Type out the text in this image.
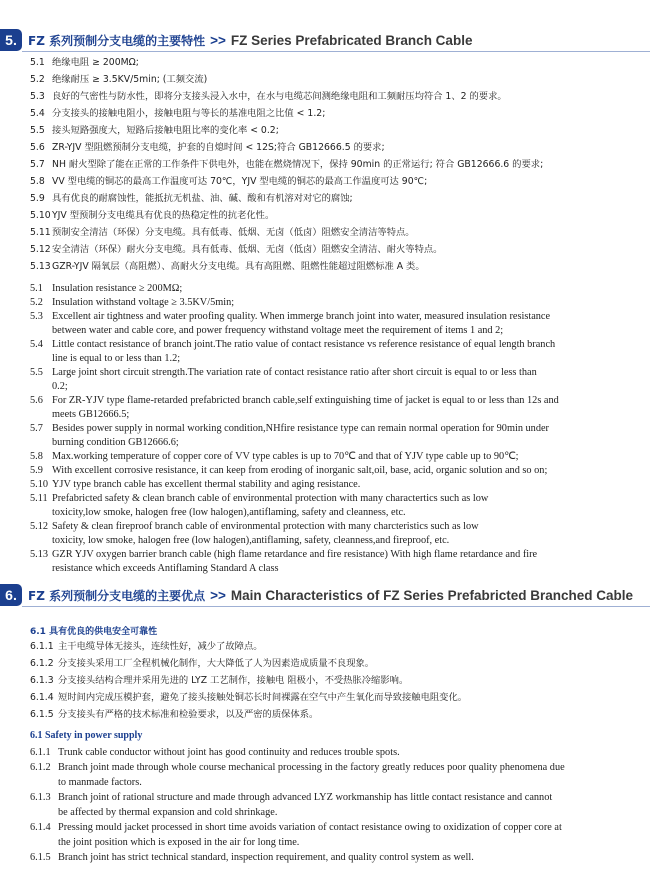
5. FZ 系列预制分支电缆的主要特性 >> FZ Series Prefabricated Branch Cable
5.1 绝缘电阻 ≥ 200MΩ;
5.2 绝缘耐压 ≥ 3.5KV/5min; (工频交流)
5.3 良好的气密性与防水性，即将分支接头浸入水中，在水与电缆芯间测绝缘电阻和工频耐压均符合 1、2 的要求。
5.4 分支接头的接触电阻小，接触电阻与等长的基准电阻之比值 < 1.2;
5.5 接头短路强度大，短路后接触电阻比率的变化率 < 0.2;
5.6 ZR-YJV 型阻燃预制分支电缆，护套的自熄时间 < 12S;符合 GB12666.5 的要求;
5.7 NH 耐火型除了能在正常的工作条件下供电外，也能在燃烧情况下，保持 90min 的正常运行; 符合 GB12666.6 的要求;
5.8 VV 型电缆的铜芯的最高工作温度可达 70℃，YJV 型电缆的铜芯的最高工作温度可达 90℃;
5.9 具有优良的耐腐蚀性，能抵抗无机盐、油、碱、酸和有机溶对对它的腐蚀;
5.10YJV 型预制分支电缆具有优良的热稳定性的抗老化性。
5.11预制安全清洁（环保）分支电缆。具有低毒、低烟、无卤（低卤）阻燃安全清洁等特点。
5.12安全清洁（环保）耐火分支电缆。具有低毒、低烟、无卤（低卤）阻燃安全清洁、耐火等特点。
5.13GZR-YJV 隔氧层（高阻燃）、高耐火分支电缆。具有高阻燃、阻燃性能超过阻燃标准 A 类。
5.1 Insulation resistance ≥ 200MΩ;
5.2 Insulation withstand voltage ≥ 3.5KV/5min;
5.3 Excellent air tightness and water proofing quality. When immerge branch joint into water, measured insulation resistance
between water and cable core, and power frequency withstand voltage meet the requirement of items 1 and 2;
5.4 Little contact resistance of branch joint.The ratio value of contact resistance vs reference resistance of equal length branch
line is equal to or less than 1.2;
5.5 Large joint short circuit strength.The variation rate of contact resistance ratio after short circuit is equal to or less than
0.2;
5.6 For ZR-YJV type flame-retarded prefabricted branch cable,self extinguishing time of jacket is equal to or less than 12s and
meets GB12666.5;
5.7 Besides power supply in normal working condition,NHfire resistance type can remain normal operation for 90min under
burning condition GB12666.6;
5.8 Max.working temperature of copper core of VV type cables is up to 70℃ and that of YJV type cable up to 90℃;
5.9 With excellent corrosive resistance, it can keep from eroding of inorganic salt,oil, base, acid, organic solution and so on;
5.10 YJV type branch cable has excellent thermal stability and aging resistance.
5.11 Prefabricted safety & clean branch cable of environmental protection with many charactertics such as low
toxicity,low smoke, halogen free (low halogen),antiflaming, safety and cleanness, etc.
5.12 Safety & clean fireproof branch cable of environmental protection with many charcteristics such as low
toxicity, low smoke, halogen free (low halogen),antiflaming, safety, cleanness,and fireproof, etc.
5.13 GZR YJV oxygen barrier branch cable (high flame retardance and fire resistance) With high flame retardance and fire
resistance which exceeds Antiflaming Standard A class
6. FZ 系列预制分支电缆的主要优点 >> Main Characteristics of FZ Series Prefabricted Branched Cable
6.1 具有优良的供电安全可靠性
6.1.1 主干电缆导体无接头，连续性好，减少了故障点。
6.1.2 分支接头采用工厂全程机械化制作，大大降低了人为因素造成质量不良现象。
6.1.3 分支接头结构合理并采用先进的 LYZ 工艺制作，接触电 阻极小，不受热胀冷缩影响。
6.1.4 短时间内完成压模护套，避免了接头接触处铜芯长时间裸露在空气中产生氧化而导致接触电阻变化。
6.1.5 分支接头有严格的技术标准和检验要求，以及严密的质保体系。
6.1 Safety in power supply
6.1.1 Trunk cable conductor without joint has good continuity and reduces trouble spots.
6.1.2 Branch joint made through whole course mechanical processing in the factory greatly reduces poor quality phenomena due
to manmade factors.
6.1.3 Branch joint of rational structure and made through advanced LYZ workmanship has little contact resistance and cannot
be affected by thermal expansion and cold shrinkage.
6.1.4 Pressing mould jacket processed in short time avoids variation of contact resistance owing to oxidization of copper core at
the joint position which is exposed in the air for long time.
6.1.5 Branch joint has strict technical standard, inspection requirement, and quality control system as well.
